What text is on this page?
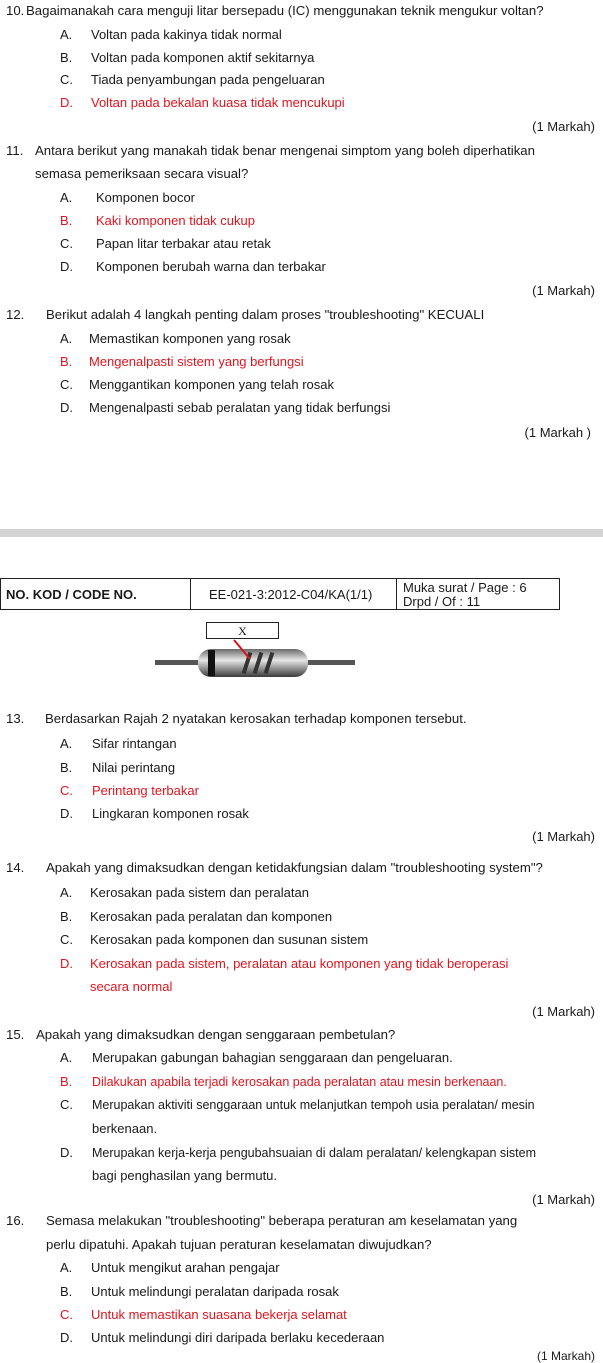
10. Bagaimanakah cara menguji litar bersepadu (IC) menggunakan teknik mengukur voltan?
A. Voltan pada kakinya tidak normal
B. Voltan pada komponen aktif sekitarnya
C. Tiada penyambungan pada pengeluaran
D. Voltan pada bekalan kuasa tidak mencukupi
(1 Markah)
11. Antara berikut yang manakah tidak benar mengenai simptom yang boleh diperhatikan
semasa pemeriksaan secara visual?
A. Komponen bocor
B. Kaki komponen tidak cukup
C. Papan litar terbakar atau retak
D. Komponen berubah warna dan terbakar
(1 Markah)
12. Berikut adalah 4 langkah penting dalam proses "troubleshooting" KECUALI
A. Memastikan komponen yang rosak
B. Mengenalpasti sistem yang berfungsi
C. Menggantikan komponen yang telah rosak
D. Mengenalpasti sebab peralatan yang tidak berfungsi
(1 Markah )
NO. KOD / CODE NO.	EE-021-3:2012-C04/KA(1/1) Muka surat / Page : 6
Drpd / Of : 11
X
13. Berdasarkan Rajah 2 nyatakan kerosakan terhadap komponen tersebut.
A. Sifar rintangan
B. Nilai perintang
C. Perintang terbakar
D. Lingkaran komponen rosak
(1 Markah)
14. Apakah yang dimaksudkan dengan ketidakfungsian dalam "troubleshooting system"?
A. Kerosakan pada sistem dan peralatan
B. Kerosakan pada peralatan dan komponen
C. Kerosakan pada komponen dan susunan sistem
D. Kerosakan pada sistem, peralatan atau komponen yang tidak beroperasi
secara normal
(1 Markah)
15. Apakah yang dimaksudkan dengan senggaraan pembetulan?
A. Merupakan gabungan bahagian senggaraan dan pengeluaran.
B. Dilakukan apabila terjadi kerosakan pada peralatan atau mesin berkenaan.
C. Merupakan aktiviti senggaraan untuk melanjutkan tempoh usia peralatan/ mesin
berkenaan.
D. Merupakan kerja-kerja pengubahsuaian di dalam peralatan/ kelengkapan sistem
bagi penghasilan yang bermutu.
(1 Markah)
16. Semasa melakukan "troubleshooting" beberapa peraturan am keselamatan yang
perlu dipatuhi. Apakah tujuan peraturan keselamatan diwujudkan?
A. Untuk mengikut arahan pengajar
B. Untuk melindungi peralatan daripada rosak
C. Untuk memastikan suasana bekerja selamat
D. Untuk melindungi diri daripada berlaku kecederaan
(1 Markah)
